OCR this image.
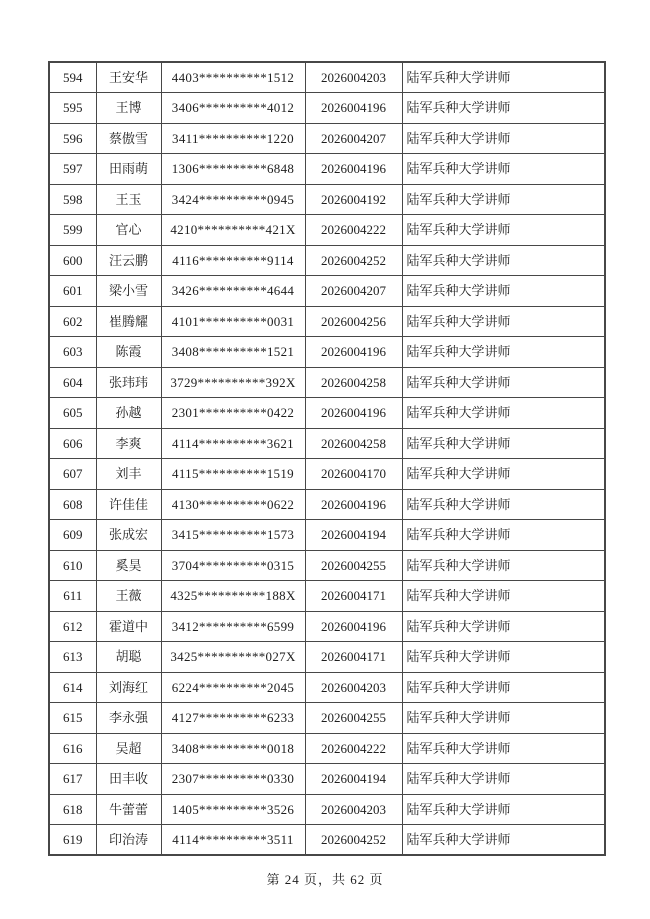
594	王安华	4403**********1512	2026004203	陆军兵种大学讲师
595	王博	3406**********4012	2026004196	陆军兵种大学讲师
596	蔡傲雪	3411**********1220	2026004207	陆军兵种大学讲师
597	田雨萌	1306**********6848	2026004196	陆军兵种大学讲师
598	王玉	3424**********0945	2026004192	陆军兵种大学讲师
599	官心	4210**********421X	2026004222	陆军兵种大学讲师
600	汪云鹏	4116**********9114	2026004252	陆军兵种大学讲师
601	梁小雪	3426**********4644	2026004207	陆军兵种大学讲师
602	崔腾耀	4101**********0031	2026004256	陆军兵种大学讲师
603	陈霞	3408**********1521	2026004196	陆军兵种大学讲师
604	张玮玮	3729**********392X	2026004258	陆军兵种大学讲师
605	孙越	2301**********0422	2026004196	陆军兵种大学讲师
606	李爽	4114**********3621	2026004258	陆军兵种大学讲师
607	刘丰	4115**********1519	2026004170	陆军兵种大学讲师
608	许佳佳	4130**********0622	2026004196	陆军兵种大学讲师
609	张成宏	3415**********1573	2026004194	陆军兵种大学讲师
610	奚昊	3704**********0315	2026004255	陆军兵种大学讲师
611	王薇	4325**********188X	2026004171	陆军兵种大学讲师
612	霍道中	3412**********6599	2026004196	陆军兵种大学讲师
613	胡聪	3425**********027X	2026004171	陆军兵种大学讲师
614	刘海红	6224**********2045	2026004203	陆军兵种大学讲师
615	李永强	4127**********6233	2026004255	陆军兵种大学讲师
616	吴超	3408**********0018	2026004222	陆军兵种大学讲师
617	田丰收	2307**********0330	2026004194	陆军兵种大学讲师
618	牛蕾蕾	1405**********3526	2026004203	陆军兵种大学讲师
619	印治涛	4114**********3511	2026004252	陆军兵种大学讲师
第 24 页，共 62 页
